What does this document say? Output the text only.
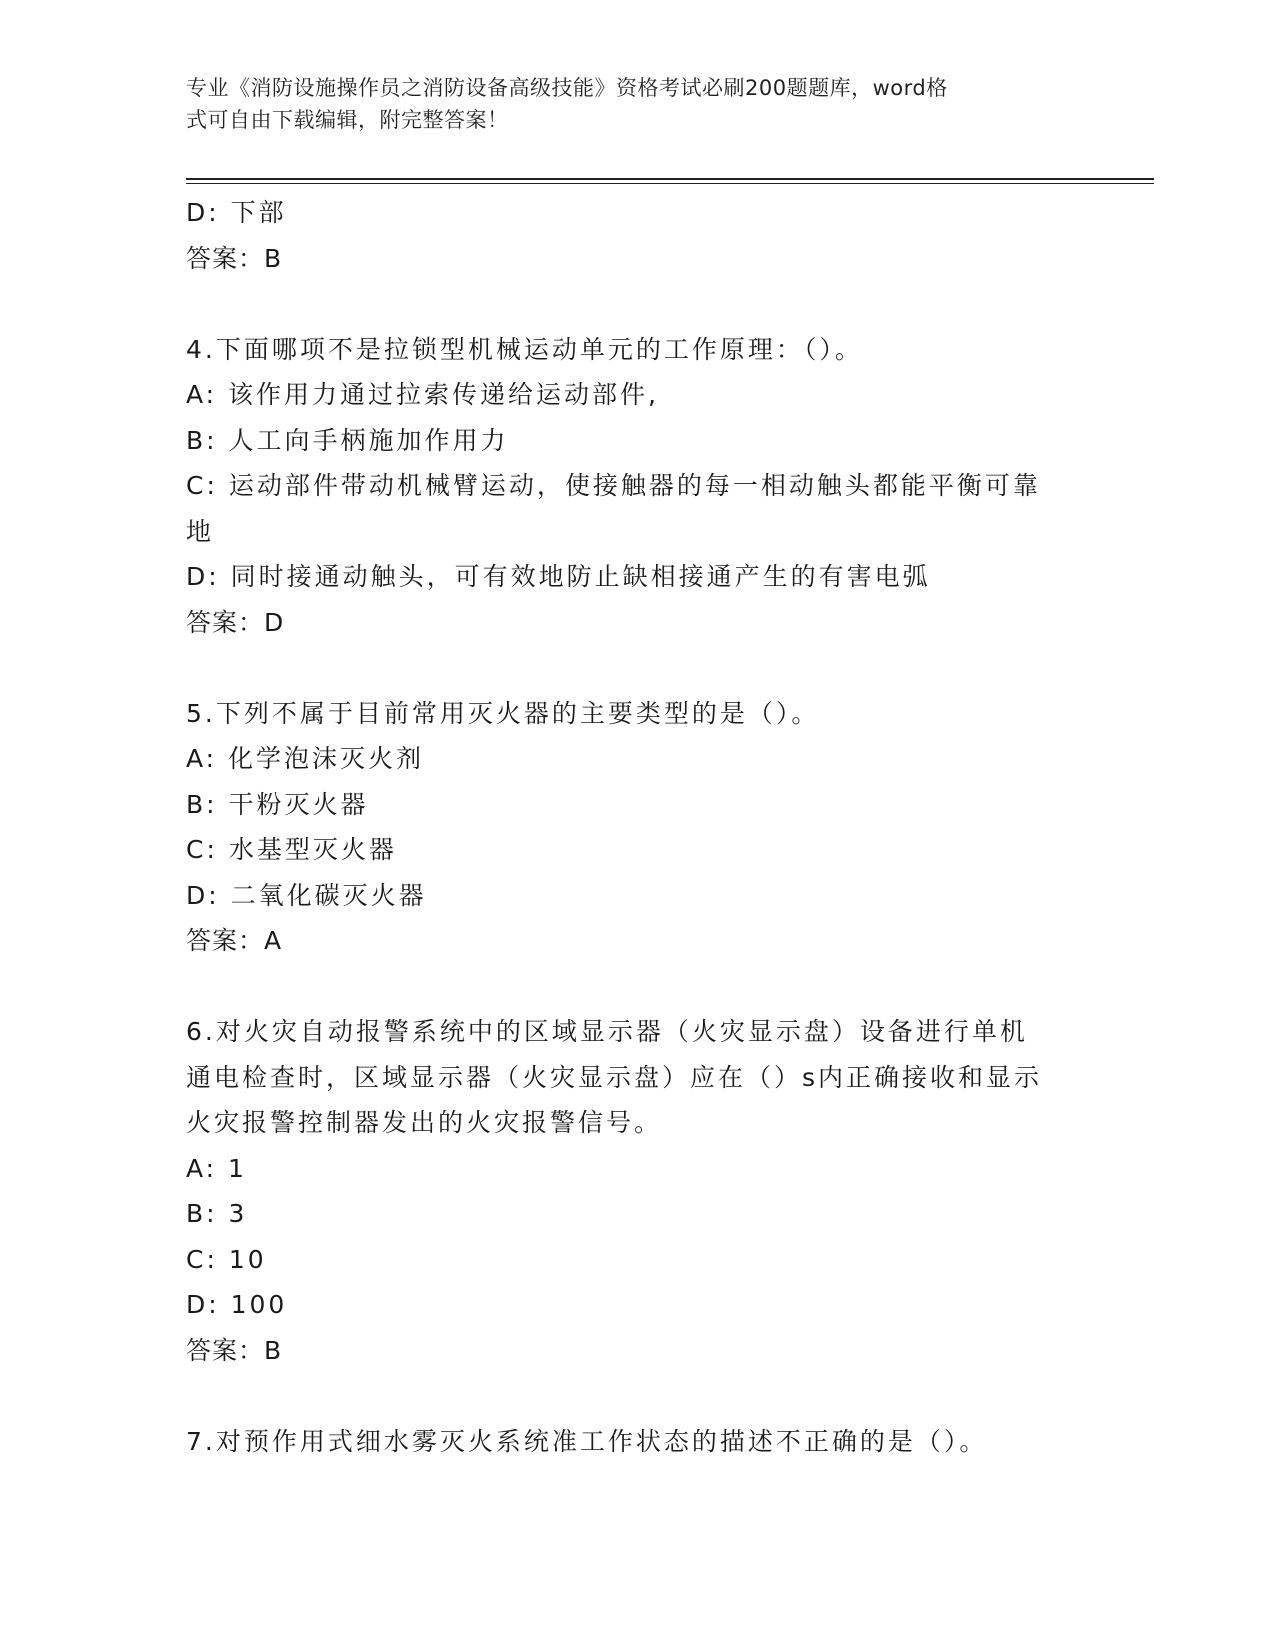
专业《消防设施操作员之消防设备高级技能》资格考试必刷200题题库，word格
式可自由下载编辑，附完整答案！
D: 下部
答案：B
4.下面哪项不是拉锁型机械运动单元的工作原理：（）。
A: 该作用力通过拉索传递给运动部件,
B: 人工向手柄施加作用力
C: 运动部件带动机械臂运动，使接触器的每一相动触头都能平衡可靠
地
D: 同时接通动触头，可有效地防止缺相接通产生的有害电弧
答案：D
5.下列不属于目前常用灭火器的主要类型的是（）。
A: 化学泡沫灭火剂
B: 干粉灭火器
C: 水基型灭火器
D: 二氧化碳灭火器
答案：A
6.对火灾自动报警系统中的区域显示器（火灾显示盘）设备进行单机
通电检查时，区域显示器（火灾显示盘）应在（）s内正确接收和显示
火灾报警控制器发出的火灾报警信号。
A: 1
B: 3
C: 10
D: 100
答案：B
7.对预作用式细水雾灭火系统准工作状态的描述不正确的是（）。
